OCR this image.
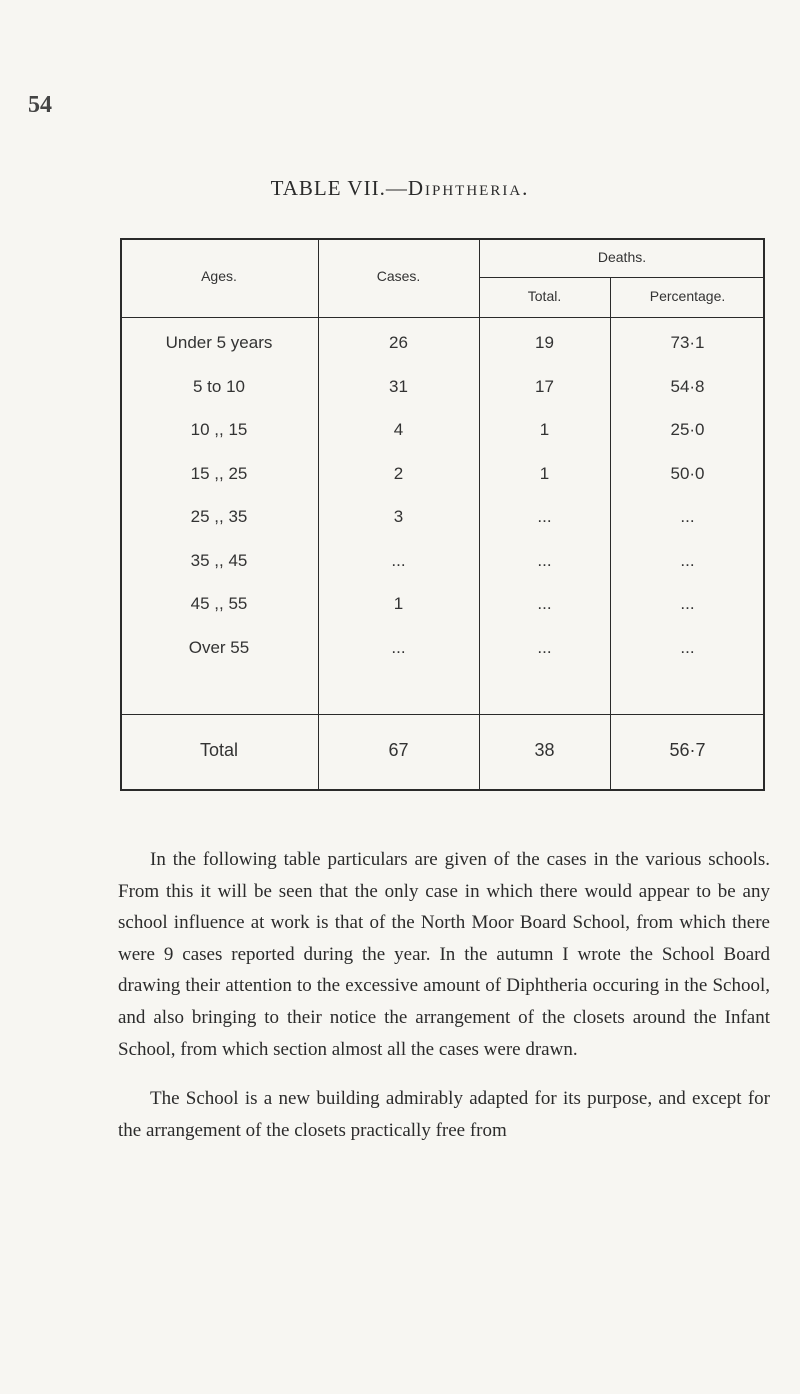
54
TABLE VII.—Diphtheria.
Ages.	Cases.
Deaths.
Total.	Percentage.
Under 5 years	26	19	73·1
5 to 10	31	17	54·8
10 ,, 15	4	1	25·0
15 ,, 25	2	1	50·0
25 ,, 35	3	...	...
35 ,, 45	...	...	...
45 ,, 55	1	...	...
Over 55	...	...	...
Total	67	38	56·7

In the following table particulars are given of the cases in the various schools. From this it will be seen that the only case in which there would appear to be any school influence at work is that of the North Moor Board School, from which there were 9 cases reported during the year. In the autumn I wrote the School Board drawing their attention to the excessive amount of Diphtheria occuring in the School, and also bringing to their notice the arrangement of the closets around the Infant School, from which section almost all the cases were drawn.

The School is a new building admirably adapted for its purpose, and except for the arrangement of the closets practically free from
